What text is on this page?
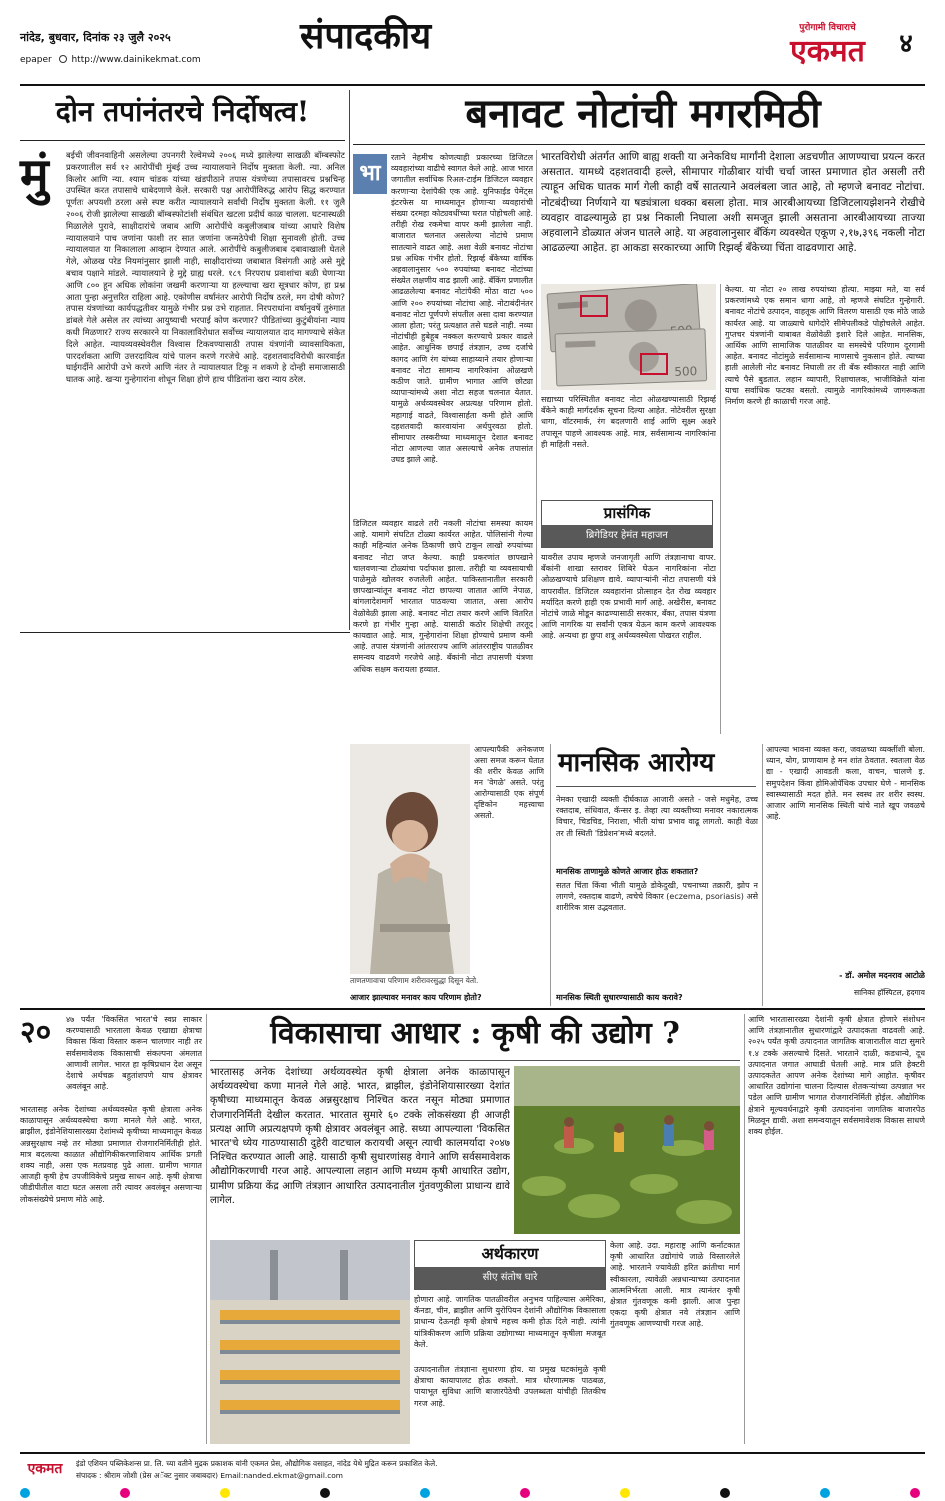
नांदेड, बुधवार, दिनांक २३ जुलै २०२५
epaper http://www.dainikekmat.com
संपादकीय	पुरोगामी विचाराचे
एकमत	४
दोन तपांनंतरचे निर्दोषत्व!
मुं	बईची जीवनवाहिनी असलेल्या उपनगरी रेल्वेमध्ये २००६ मध्ये झालेल्या साखळी बॉम्बस्फोट प्रकरणातील सर्व १२ आरोपींची मुंबई उच्च न्यायालयाने निर्दोष मुक्तता केली. न्या. अनिल किलोर आणि न्या. श्याम चांडक यांच्या खंडपीठाने तपास यंत्रणेच्या तपासावरच प्रश्नचिन्ह उपस्थित करत तपासाचे धाबेदणाणे केले. सरकारी पक्ष आरोपींविरुद्ध आरोप सिद्ध करण्यात पूर्णतः अपयशी ठरला असे स्पष्ट करीत न्यायालयाने सर्वांची निर्दोष मुक्तता केली. ११ जुलै २००६ रोजी झालेल्या साखळी बॉम्बस्फोटांशी संबंधित खटला प्रदीर्घ काळ चालला. घटनास्थळी मिळालेले पुरावे, साक्षीदारांचे जबाब आणि आरोपींचे कबुलीजबाब यांच्या आधारे विशेष न्यायालयाने पाच जणांना फाशी तर सात जणांना जन्मठेपेची शिक्षा सुनावली होती. उच्च न्यायालयात या निकालाला आव्हान देण्यात आले. आरोपींचे कबुलीजबाब दबावाखाली घेतले गेले, ओळख परेड नियमांनुसार झाली नाही, साक्षीदारांच्या जबाबात विसंगती आहे असे मुद्दे बचाव पक्षाने मांडले. न्यायालयाने हे मुद्दे ग्राह्य धरले. १८९ निरपराध प्रवाशांचा बळी घेणाऱ्या आणि ८०० हून अधिक लोकांना जखमी करणाऱ्या या हल्ल्याचा खरा सूत्रधार कोण, हा प्रश्न आता पुन्हा अनुत्तरित राहिला आहे. एकोणीस वर्षांनंतर आरोपी निर्दोष ठरले, मग दोषी कोण? तपास यंत्रणांच्या कार्यपद्धतीवर यामुळे गंभीर प्रश्न उभे राहतात. निरपराधांना वर्षानुवर्षे तुरुंगात डांबले गेले असेल तर त्यांच्या आयुष्याची भरपाई कोण करणार? पीडितांच्या कुटुंबीयांना न्याय कधी मिळणार? राज्य सरकारने या निकालाविरोधात सर्वोच्च न्यायालयात दाद मागण्याचे संकेत दिले आहेत. न्यायव्यवस्थेवरील विश्वास टिकवण्यासाठी तपास यंत्रणांनी व्यावसायिकता, पारदर्शकता आणि उत्तरदायित्व यांचे पालन करणे गरजेचे आहे. दहशतवादविरोधी कारवाईत घाईगर्दीने आरोपी उभे करणे आणि नंतर ते न्यायालयात टिकू न शकणे हे दोन्ही समाजासाठी घातक आहे. खऱ्या गुन्हेगारांना शोधून शिक्षा होणे हाच पीडितांना खरा न्याय ठरेल.
बनावट नोटांची मगरमिठी
भा
रताने नेहमीच कोणत्याही प्रकारच्या डिजिटल व्यवहारांच्या वाढीचे स्वागत केले आहे. आज भारत जगातील सर्वाधिक रिअल-टाईम डिजिटल व्यवहार करणाऱ्या देशांपैकी एक आहे. युनिफाईड पेमेंट्स इंटरफेस या माध्यमातून होणाऱ्या व्यवहारांची संख्या दरमहा कोट्यवधींच्या घरात पोहोचली आहे. तरीही रोख रकमेचा वापर कमी झालेला नाही. बाजारात चलनात असलेल्या नोटांचे प्रमाण सातत्याने वाढत आहे. अशा वेळी बनावट नोटांचा प्रश्न अधिक गंभीर होतो. रिझर्व्ह बँकेच्या वार्षिक अहवालानुसार ५०० रुपयांच्या बनावट नोटांच्या संख्येत लक्षणीय वाढ झाली आहे. बँकिंग प्रणालीत आढळलेल्या बनावट नोटांपैकी मोठा वाटा ५०० आणि २०० रुपयांच्या नोटांचा आहे. नोटाबंदीनंतर बनावट नोटा पूर्णपणे संपतील असा दावा करण्यात आला होता; परंतु प्रत्यक्षात तसे घडले नाही. नव्या नोटांचीही हुबेहूब नक्कल करण्याचे प्रकार वाढले आहेत. आधुनिक छपाई तंत्रज्ञान, उच्च दर्जाचे कागद आणि रंग यांच्या साहाय्याने तयार होणाऱ्या बनावट नोटा सामान्य नागरिकांना ओळखणे कठीण जाते. ग्रामीण भागात आणि छोट्या व्यापाऱ्यांमध्ये अशा नोटा सहज चलनात येतात. यामुळे अर्थव्यवस्थेवर अप्रत्यक्ष परिणाम होतो. महागाई वाढते, विश्वासार्हता कमी होते आणि दहशतवादी कारवायांना अर्थपुरवठा होतो. सीमापार तस्करीच्या माध्यमातून देशात बनावट नोटा आणल्या जात असल्याचे अनेक तपासांत उघड झाले आहे.
भारतविरोधी अंतर्गत आणि बाह्य शक्ती या अनेकविध मार्गांनी देशाला अडचणीत आणण्याचा प्रयत्न करत असतात. यामध्ये दहशतवादी हल्ले, सीमापार गोळीबार यांची चर्चा जास्त प्रमाणात होत असली तरी त्याहून अधिक घातक मार्ग गेली काही वर्षे सातत्याने अवलंबला जात आहे, तो म्हणजे बनावट नोटांचा. नोटबंदीच्या निर्णयाने या षड्यंत्राला धक्का बसला होता. मात्र आरबीआयच्या डिजिटलायझेशनने रोखीचे व्यवहार वाढल्यामुळे हा प्रश्न निकाली निघाला अशी समजूत झाली असताना आरबीआयच्या ताज्या अहवालाने डोळ्यात अंजन घातले आहे. या अहवालानुसार बँकिंग व्यवस्थेत एकूण २,१७,३९६ नकली नोटा आढळल्या आहेत. हा आकडा सरकारच्या आणि रिझर्व्ह बँकेच्या चिंता वाढवणारा आहे.
डिजिटल व्यवहार वाढले तरी नकली नोटांचा समस्या कायम आहे. यामागे संघटित टोळ्या कार्यरत आहेत. पोलिसांनी गेल्या काही महिन्यांत अनेक ठिकाणी छापे टाकून लाखो रुपयांच्या बनावट नोटा जप्त केल्या. काही प्रकरणांत छापखाने चालवणाऱ्या टोळ्यांचा पर्दाफाश झाला. तरीही या व्यवसायाची पाळेमुळे खोलवर रुजलेली आहेत. पाकिस्तानातील सरकारी छापखान्यांतून बनावट नोटा छापल्या जातात आणि नेपाळ, बांगलादेशमार्गे भारतात पाठवल्या जातात, असा आरोप वेळोवेळी झाला आहे. बनावट नोटा तयार करणे आणि वितरित करणे हा गंभीर गुन्हा आहे. यासाठी कठोर शिक्षेची तरतूद कायद्यात आहे. मात्र, गुन्हेगारांना शिक्षा होण्याचे प्रमाण कमी आहे. तपास यंत्रणांनी आंतरराज्य आणि आंतरराष्ट्रीय पातळीवर समन्वय वाढवणे गरजेचे आहे. बँकांनी नोटा तपासणी यंत्रणा अधिक सक्षम करायला हव्यात.
500
सद्याच्या परिस्थितीत बनावट नोटा ओळखण्यासाठी रिझर्व्ह बँकेने काही मार्गदर्शक सूचना दिल्या आहेत. नोटेवरील सुरक्षा धागा, वॉटरमार्क, रंग बदलणारी शाई आणि सूक्ष्म अक्षरे तपासून पाहणे आवश्यक आहे. मात्र, सर्वसामान्य नागरिकांना ही माहिती नसते.
प्रासंगिक
ब्रिगेडियर हेमंत महाजन
यावरील उपाय म्हणजे जनजागृती आणि तंत्रज्ञानाचा वापर. बँकांनी शाखा स्तरावर शिबिरे घेऊन नागरिकांना नोटा ओळखण्याचे प्रशिक्षण द्यावे. व्यापाऱ्यांनी नोटा तपासणी यंत्रे वापरावीत. डिजिटल व्यवहारांना प्रोत्साहन देत रोख व्यवहार मर्यादित करणे हाही एक प्रभावी मार्ग आहे. अखेरीस, बनावट नोटांचे जाळे मोडून काढण्यासाठी सरकार, बँका, तपास यंत्रणा आणि नागरिक या सर्वांनी एकत्र येऊन काम करणे आवश्यक आहे. अन्यथा हा छुपा शत्रू अर्थव्यवस्थेला पोखरत राहील.
केल्या. या नोटा २० लाख रुपयांच्या होत्या. माझ्या मते, या सर्व प्रकरणांमध्ये एक समान धागा आहे, तो म्हणजे संघटित गुन्हेगारी. बनावट नोटांचे उत्पादन, वाहतूक आणि वितरण यासाठी एक मोठे जाळे कार्यरत आहे. या जाळ्याचे धागेदोरे सीमेपलीकडे पोहोचलेले आहेत. गुप्तचर यंत्रणांनी याबाबत वेळोवेळी इशारे दिले आहेत. मानसिक, आर्थिक आणि सामाजिक पातळीवर या समस्येचे परिणाम दूरगामी आहेत. बनावट नोटांमुळे सर्वसामान्य माणसाचे नुकसान होते. त्याच्या हाती आलेली नोट बनावट निघाली तर ती बँक स्वीकारत नाही आणि त्याचे पैसे बुडतात. लहान व्यापारी, रिक्षाचालक, भाजीविक्रेते यांना याचा सर्वाधिक फटका बसतो. त्यामुळे नागरिकांमध्ये जागरूकता निर्माण करणे ही काळाची गरज आहे.
आपल्यापैकी अनेकजण असा समज करून घेतात की शरीर केवळ आणि मन 'वेगळे' असते. परंतु आरोग्यासाठी एक संपूर्ण दृष्टिकोन महत्त्वाचा असतो.
ताणतणावाचा परिणाम शरीरावरसुद्धा दिसून येतो.
आजार झाल्यावर मनावर काय परिणाम होतो?
मानसिक आरोग्य
नेमका एखादी व्यक्ती दीर्घकाळ आजारी असते - जसे मधुमेह, उच्च रक्तदाब, संधिवात, कॅन्सर इ. तेव्हा त्या व्यक्तीच्या मनावर नकारात्मक विचार, चिडचिड, निराशा, भीती यांचा प्रभाव वाढू लागतो. काही वेळा तर ती स्थिती 'डिप्रेशन'मध्ये बदलते.
मानसिक ताणामुळे कोणते आजार होऊ शकतात?
सतत चिंता किंवा भीती यामुळे डोकेदुखी, पचनाच्या तक्रारी, झोप न लागणे, रक्तदाब वाढणे, त्वचेचे विकार (eczema, psoriasis) असे शारीरिक त्रास उद्भवतात.
मानसिक स्थिती सुधारण्यासाठी काय करावे?
आपल्या भावना व्यक्त करा, जवळच्या व्यक्तींशी बोला. ध्यान, योग, प्राणायाम हे मन शांत ठेवतात. स्वतःला वेळ द्या - एखादी आवडती कला, वाचन, चालणे इ. समुपदेशन किंवा होमिओपॅथिक उपचार घेणे - मानसिक स्वास्थ्यासाठी मदत होते. मन स्वस्थ तर शरीर स्वस्थ. आजार आणि मानसिक स्थिती यांचे नाते खूप जवळचे आहे.
- डॉ. अमोल मदनराव आटोळे
सानिका हॉस्पिटल, हदगाव
२०	४७ पर्यंत 'विकसित भारत'चे स्वप्न साकार करण्यासाठी भारताला केवळ एखाद्या क्षेत्राचा विकास किंवा विस्तार करून चालणार नाही तर सर्वसमावेशक विकासाची संकल्पना अंमलात आणावी लागेल. भारत हा कृषिप्रधान देश असून देशाचे अर्थचक्र बहुतांशपणे याच क्षेत्रावर अवलंबून आहे.
भारतासह अनेक देशांच्या अर्थव्यवस्थेत कृषी क्षेत्राला अनेक काळापासून अर्थव्यवस्थेचा कणा मानले गेले आहे. भारत, ब्राझील, इंडोनेशियासारख्या देशांमध्ये कृषीच्या माध्यमातून केवळ अन्नसुरक्षाच नव्हे तर मोठ्या प्रमाणात रोजगारनिर्मितीही होते. मात्र बदलत्या काळात औद्योगिकीकरणाशिवाय आर्थिक प्रगती शक्य नाही, असा एक मतप्रवाह पुढे आला. ग्रामीण भागात आजही कृषी हेच उपजीविकेचे प्रमुख साधन आहे. कृषी क्षेत्राचा जीडीपीतील वाटा घटत असला तरी त्यावर अवलंबून असणाऱ्या लोकसंख्येचे प्रमाण मोठे आहे.
विकासाचा आधार : कृषी की उद्योग ?
भारतासह अनेक देशांच्या अर्थव्यवस्थेत कृषी क्षेत्राला अनेक काळापासून अर्थव्यवस्थेचा कणा मानले गेले आहे. भारत, ब्राझील, इंडोनेशियासारख्या देशांत कृषीच्या माध्यमातून केवळ अन्नसुरक्षाच निश्चित करत नसून मोठ्या प्रमाणात रोजगारनिर्मिती देखील करतात. भारतात सुमारे ६० टक्के लोकसंख्या ही आजही प्रत्यक्ष आणि अप्रत्यक्षपणे कृषी क्षेत्रावर अवलंबून आहे. सध्या आपल्याला 'विकसित भारत'चे ध्येय गाठण्यासाठी दुहेरी वाटचाल करायची असून त्याची कालमर्यादा २०४७ निश्चित करण्यात आली आहे. यासाठी कृषी सुधारणांसह वेगाने आणि सर्वसमावेशक औद्योगिकरणाची गरज आहे. आपल्याला लहान आणि मध्यम कृषी आधारित उद्योग, ग्रामीण प्रक्रिया केंद्र आणि तंत्रज्ञान आधारित उत्पादनातील गुंतवणुकीला प्राधान्य द्यावे लागेल.
अर्थकारण
सीए संतोष घारे
होणारा आहे. जागतिक पातळीवरील अनुभव पाहिल्यास अमेरिका, कॅनडा, चीन, ब्राझील आणि युरोपियन देशांनी औद्योगिक विकासाला प्राधान्य देऊनही कृषी क्षेत्राचे महत्त्व कमी होऊ दिले नाही. त्यांनी यांत्रिकीकरण आणि प्रक्रिया उद्योगाच्या माध्यमातून कृषीला मजबूत केले.
उत्पादनातील तंत्रज्ञाना सुधारणा होय. या प्रमुख घटकांमुळे कृषी क्षेत्राचा कायापालट होऊ शकतो. मात्र धोरणात्मक पाठबळ, पायाभूत सुविधा आणि बाजारपेठेची उपलब्धता यांचीही तितकीच गरज आहे.
केला आहे. उदा. महाराष्ट्र आणि कर्नाटकात कृषी आधारित उद्योगांचे जाळे विस्तारलेले आहे. भारताने ज्यावेळी हरित क्रांतीचा मार्ग स्वीकारला, त्यावेळी अन्नधान्याच्या उत्पादनात आत्मनिर्भरता आली. मात्र त्यानंतर कृषी क्षेत्रात गुंतवणूक कमी झाली. आज पुन्हा एकदा कृषी क्षेत्रात नवे तंत्रज्ञान आणि गुंतवणूक आणण्याची गरज आहे.
आणि भारतासारख्या देशांनी कृषी क्षेत्रात होणारे संशोधन आणि तंत्रज्ञानातील सुधारणांद्वारे उत्पादकता वाढवली आहे. २०२५ पर्यंत कृषी उत्पादनात जागतिक बाजारातील वाटा सुमारे १.४ टक्के असल्याचे दिसते. भारताने दाळी, कडधान्ये, दूध उत्पादनात जगात आघाडी घेतली आहे. मात्र प्रति हेक्टरी उत्पादकतेत आपण अनेक देशांच्या मागे आहोत. कृषीवर आधारित उद्योगांना चालना दिल्यास शेतकऱ्यांच्या उत्पन्नात भर पडेल आणि ग्रामीण भागात रोजगारनिर्मिती होईल. औद्योगिक क्षेत्राने मूल्यवर्धनाद्वारे कृषी उत्पादनांना जागतिक बाजारपेठ मिळवून द्यावी. अशा समन्वयातून सर्वसमावेशक विकास साधणे शक्य होईल.
एकमत	इंडो एशियन पब्लिकेशन्स प्रा. लि. च्या वतीने मुद्रक प्रकाशक यांनी एकमत प्रेस, औद्योगिक वसाहत, नांदेड येथे मुद्रित करून प्रकाशित केले.
संपादक : श्रीराम जोशी (प्रेस अॅक्ट नुसार जबाबदार) Email:nanded.ekmat@gmail.com
